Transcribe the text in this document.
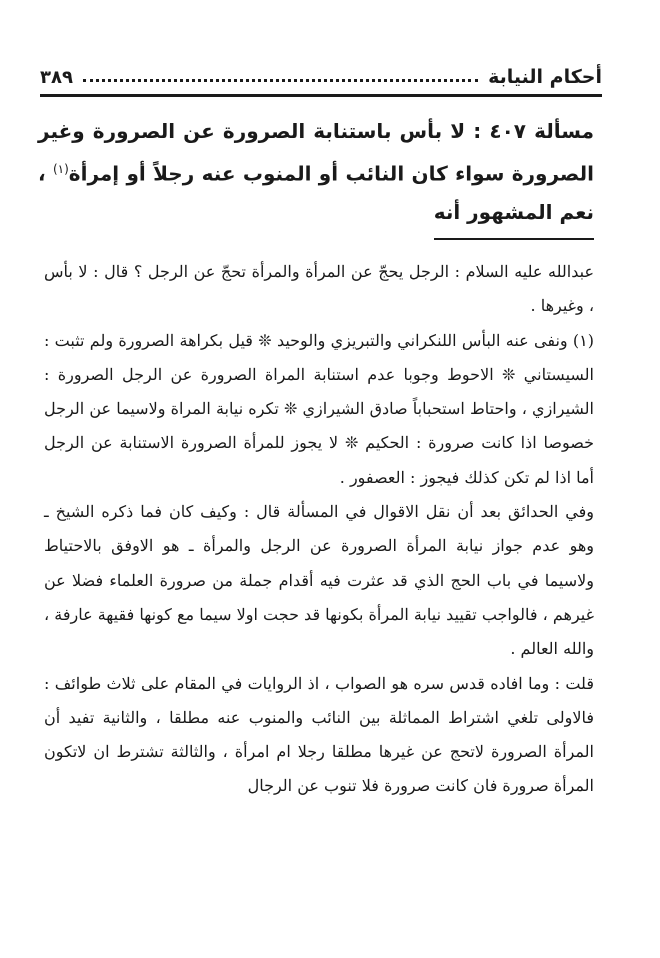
أحكام النيابة
٣٨٩
مسألة ٤٠٧ : لا بأس باستنابة الصرورة عن الصرورة وغير الصرورة سواء كان النائب أو المنوب عنه رجلاً أو إمرأة$^{(١)}$ ، نعم المشهور أنه

عبدالله عليه السلام : الرجل يحجّ عن المرأة والمرأة تحجّ عن الرجل ؟ قال : لا بأس ، وغيرها .

(١) ونفى عنه البأس اللنكراني والتبريزي والوحيد ❊ قيل بكراهة الصرورة ولم تثبت : السيستاني ❊ الاحوط وجوبا عدم استنابة المراة الصرورة عن الرجل الصرورة : الشيرازي ، واحتاط استحباباً صادق الشيرازي ❊ تكره نيابة المراة ولاسيما عن الرجل خصوصا اذا كانت صرورة : الحكيم ❊ لا يجوز للمرأة الصرورة الاستنابة عن الرجل أما اذا لم تكن كذلك فيجوز : العصفور .

وفي الحدائق بعد أن نقل الاقوال في المسألة قال : وكيف كان فما ذكره الشيخ ـ وهو عدم جواز نيابة المرأة الصرورة عن الرجل والمرأة ـ هو الاوفق بالاحتياط ولاسيما في باب الحج الذي قد عثرت فيه أقدام جملة من صرورة العلماء فضلا عن غيرهم ، فالواجب تقييد نيابة المرأة بكونها قد حجت اولا سيما مع كونها فقيهة عارفة ، والله العالم .

قلت : وما افاده قدس سره هو الصواب ، اذ الروايات في المقام على ثلاث طوائف : فالاولى تلغي اشتراط المماثلة بين النائب والمنوب عنه مطلقا ، والثانية تفيد أن المرأة الصرورة لاتحج عن غيرها مطلقا رجلا ام امرأة ، والثالثة تشترط ان لاتكون المرأة صرورة فان كانت صرورة فلا تنوب عن الرجال
